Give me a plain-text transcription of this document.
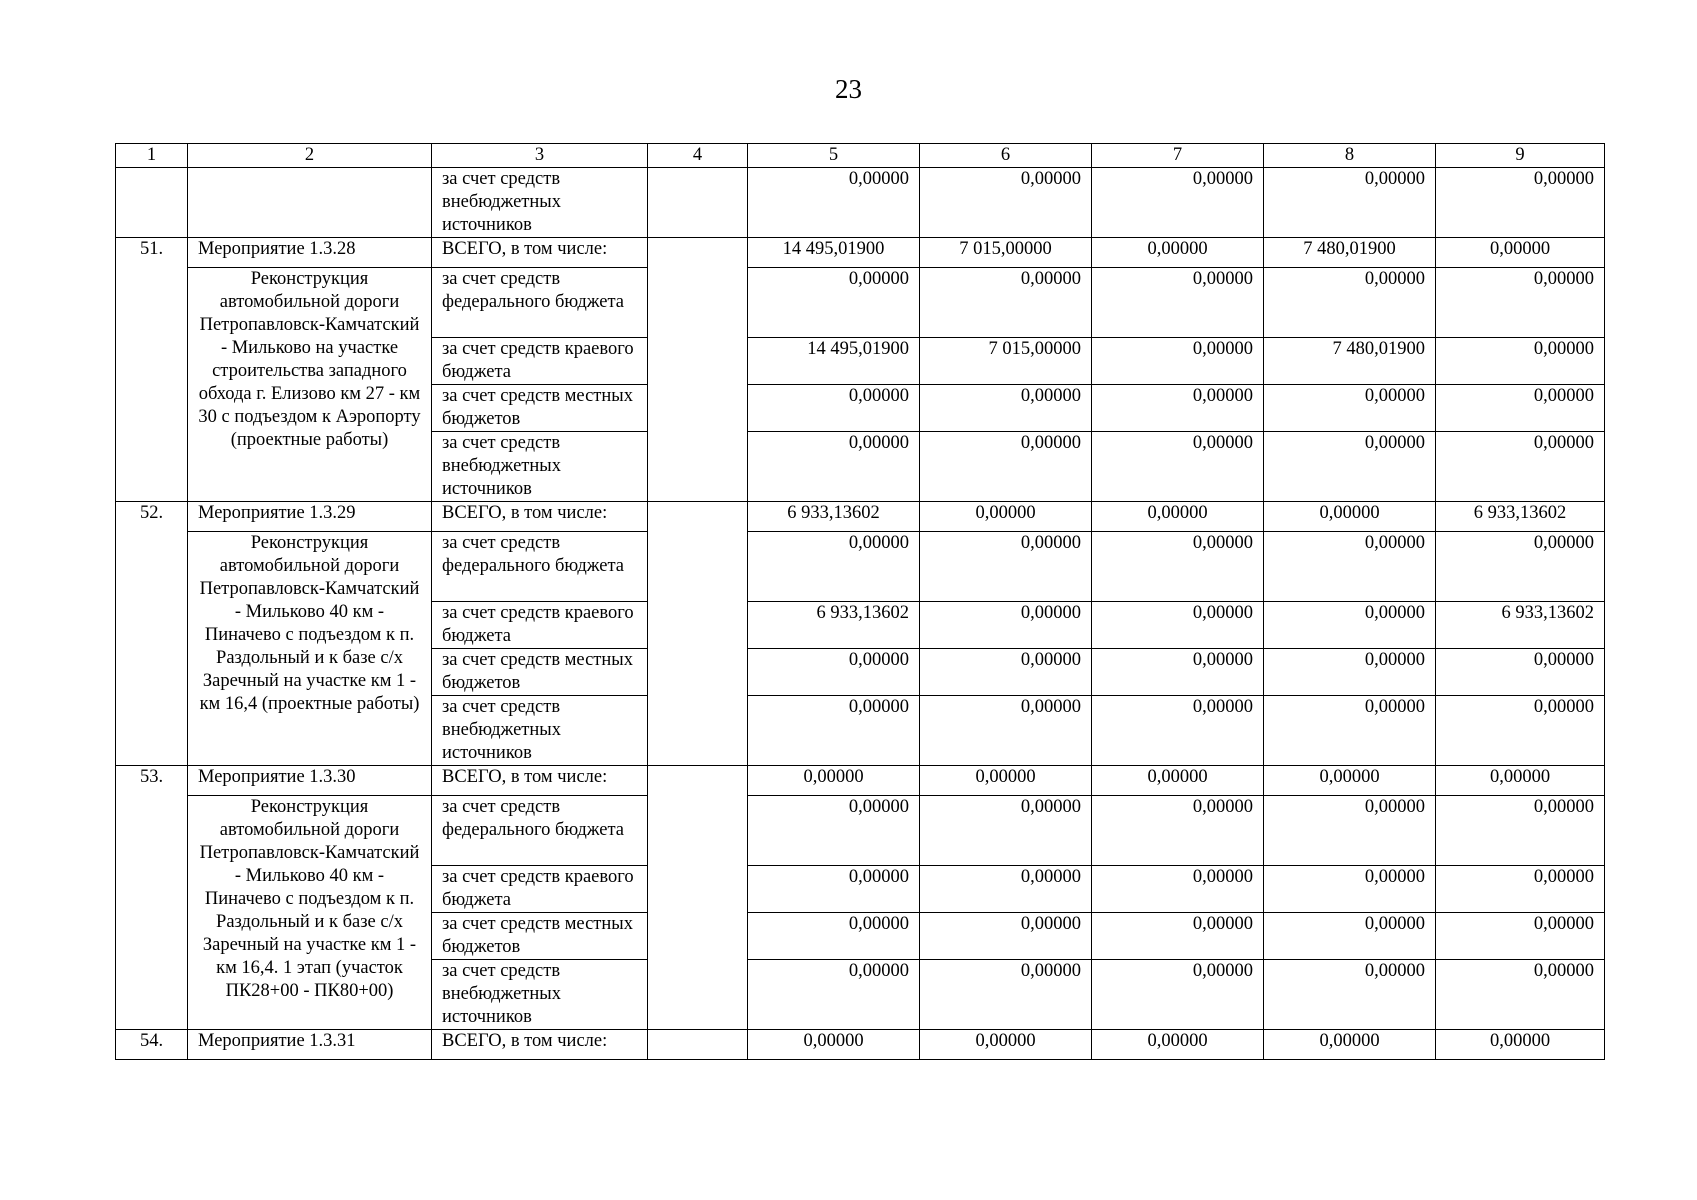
23
1	2	3	4	5	6	7	8	9
		за счет средств внебюджетных источников		0,00000	0,00000	0,00000	0,00000	0,00000
51.	Мероприятие 1.3.28	ВСЕГО, в том числе:		14 495,01900	7 015,00000	0,00000	7 480,01900	0,00000
	Реконструкция автомобильной дороги Петропавловск-Камчатский - Мильково на участке строительства западного обхода г. Елизово км 27 - км 30 с подъездом к Аэропорту (проектные работы)	за счет средств федерального бюджета		0,00000	0,00000	0,00000	0,00000	0,00000
		за счет средств краевого бюджета		14 495,01900	7 015,00000	0,00000	7 480,01900	0,00000
		за счет средств местных бюджетов		0,00000	0,00000	0,00000	0,00000	0,00000
		за счет средств внебюджетных источников		0,00000	0,00000	0,00000	0,00000	0,00000
52.	Мероприятие 1.3.29	ВСЕГО, в том числе:		6 933,13602	0,00000	0,00000	0,00000	6 933,13602
	Реконструкция автомобильной дороги Петропавловск-Камчатский - Мильково 40 км - Пиначево с подъездом к п. Раздольный и к базе с/х Заречный на участке км 1 - км 16,4 (проектные работы)	за счет средств федерального бюджета		0,00000	0,00000	0,00000	0,00000	0,00000
		за счет средств краевого бюджета		6 933,13602	0,00000	0,00000	0,00000	6 933,13602
		за счет средств местных бюджетов		0,00000	0,00000	0,00000	0,00000	0,00000
		за счет средств внебюджетных источников		0,00000	0,00000	0,00000	0,00000	0,00000
53.	Мероприятие 1.3.30	ВСЕГО, в том числе:		0,00000	0,00000	0,00000	0,00000	0,00000
	Реконструкция автомобильной дороги Петропавловск-Камчатский - Мильково 40 км - Пиначево с подъездом к п. Раздольный и к базе с/х Заречный на участке км 1 - км 16,4. 1 этап (участок ПК28+00 - ПК80+00)	за счет средств федерального бюджета		0,00000	0,00000	0,00000	0,00000	0,00000
		за счет средств краевого бюджета		0,00000	0,00000	0,00000	0,00000	0,00000
		за счет средств местных бюджетов		0,00000	0,00000	0,00000	0,00000	0,00000
		за счет средств внебюджетных источников		0,00000	0,00000	0,00000	0,00000	0,00000
54.	Мероприятие 1.3.31	ВСЕГО, в том числе:		0,00000	0,00000	0,00000	0,00000	0,00000
